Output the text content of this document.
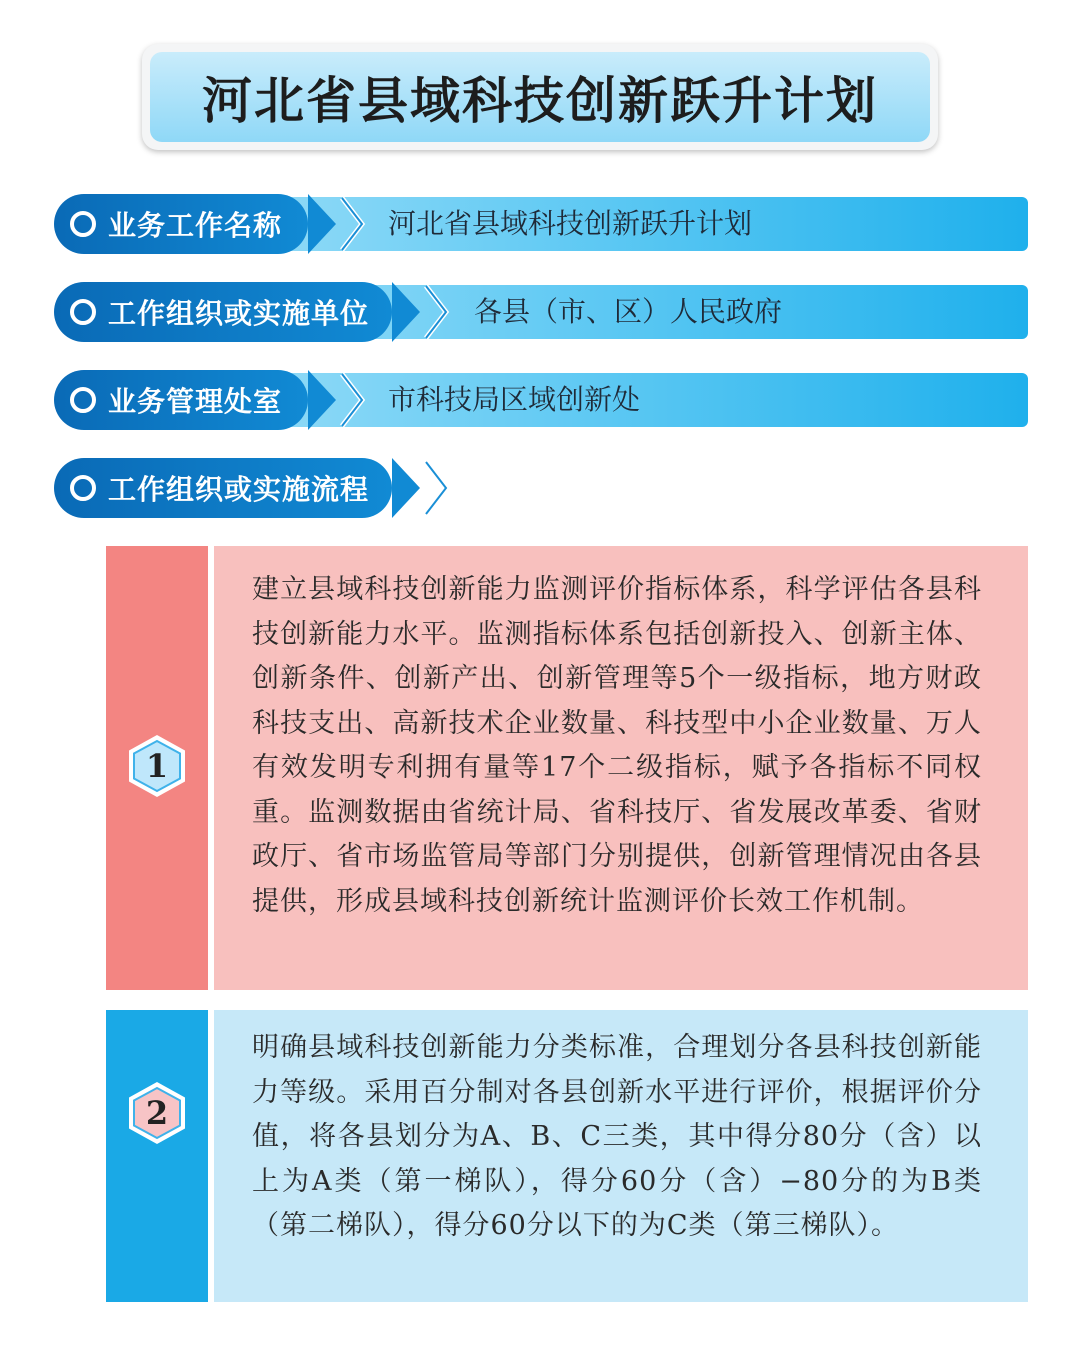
河北省县域科技创新跃升计划
业务工作名称	河北省县域科技创新跃升计划
工作组织或实施单位	各县（市、区）人民政府
业务管理处室	市科技局区域创新处
工作组织或实施流程
1
建立县域科技创新能力监测评价指标体系，科学评估各县科技创新能力水平。监测指标体系包括创新投入、创新主体、创新条件、创新产出、创新管理等5个一级指标，地方财政科技支出、高新技术企业数量、科技型中小企业数量、万人有效发明专利拥有量等17个二级指标，赋予各指标不同权重。监测数据由省统计局、省科技厅、省发展改革委、省财政厅、省市场监管局等部门分别提供，创新管理情况由各县提供，形成县域科技创新统计监测评价长效工作机制。
2
明确县域科技创新能力分类标准，合理划分各县科技创新能力等级。采用百分制对各县创新水平进行评价，根据评价分值，将各县划分为A、B、C三类，其中得分80分（含）以上为A类（第一梯队），得分60分（含）−80分的为B类（第二梯队），得分60分以下的为C类（第三梯队）。
